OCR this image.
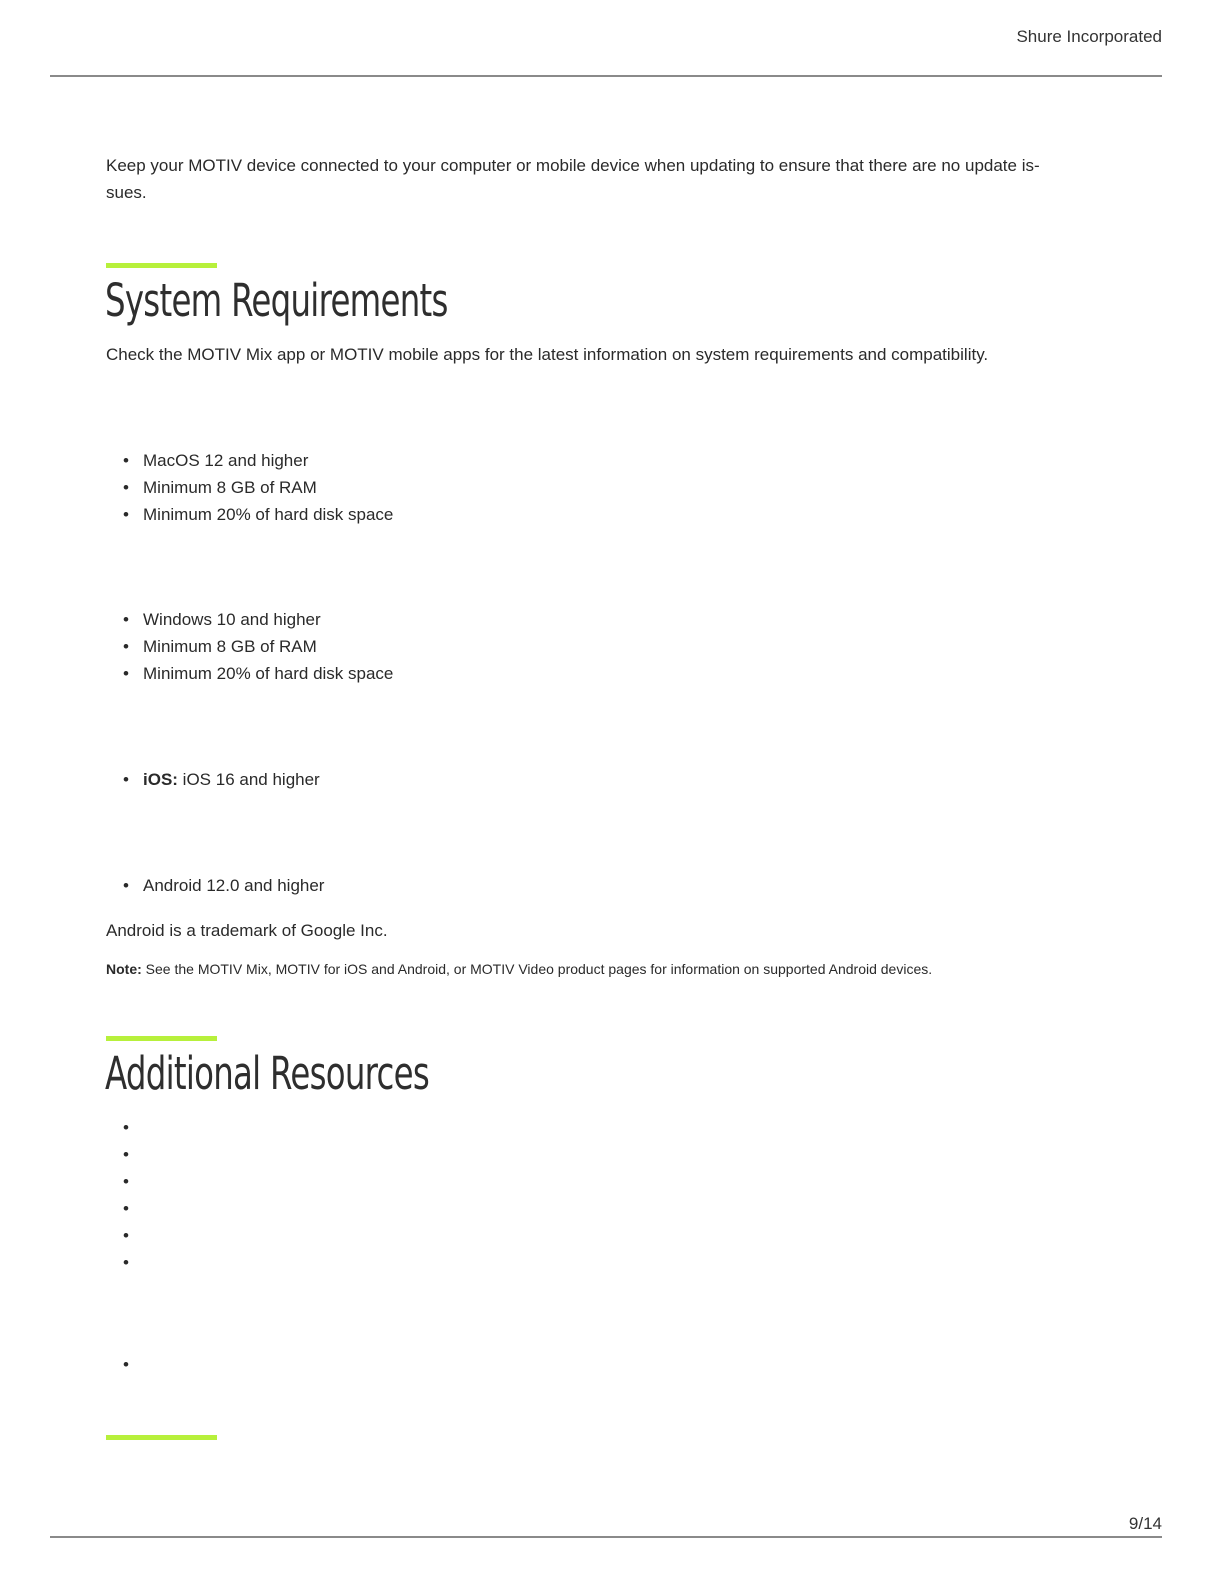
Shure Incorporated

Keep your MOTIV device connected to your computer or mobile device when updating to ensure that there are no update is-
sues.

System Requirements

Check the MOTIV Mix app or MOTIV mobile apps for the latest information on system requirements and compatibility.

• MacOS 12 and higher
• Minimum 8 GB of RAM
• Minimum 20% of hard disk space
• Windows 10 and higher
• Minimum 8 GB of RAM
• Minimum 20% of hard disk space
• iOS: iOS 16 and higher
• Android 12.0 and higher

Android is a trademark of Google Inc.

Note: See the MOTIV Mix, MOTIV for iOS and Android, or MOTIV Video product pages for information on supported Android devices.

Additional Resources
•
•
•
•
•
•
•
9/14
